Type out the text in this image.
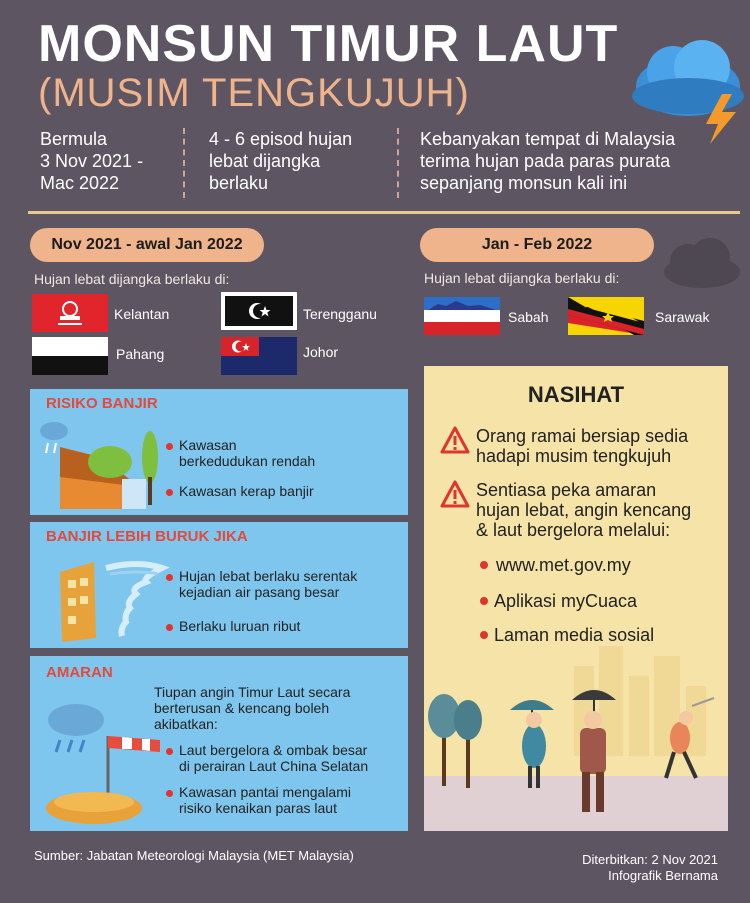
MONSUN TIMUR LAUT
(MUSIM TENGKUJUH)
Bermula
3 Nov 2021 -
Mac 2022
4 - 6 episod hujan
lebat dijangka
berlaku
Kebanyakan tempat di Malaysia
terima hujan pada paras purata
sepanjang monsun kali ini
Nov 2021 - awal Jan 2022
Hujan lebat dijangka berlaku di:
Kelantan	Terengganu
Pahang	Johor
Jan - Feb 2022
Hujan lebat dijangka berlaku di:
Sabah	Sarawak
RISIKO BANJIR
Kawasan
berkedudukan rendah
Kawasan kerap banjir
BANJIR LEBIH BURUK JIKA
Hujan lebat berlaku serentak
kejadian air pasang besar
Berlaku luruan ribut
AMARAN
Tiupan angin Timur Laut secara
berterusan & kencang boleh
akibatkan:
Laut bergelora & ombak besar
di perairan Laut China Selatan
Kawasan pantai mengalami
risiko kenaikan paras laut
NASIHAT
Orang ramai bersiap sedia
hadapi musim tengkujuh
Sentiasa peka amaran
hujan lebat, angin kencang
& laut bergelora melalui:
www.met.gov.my
Aplikasi myCuaca
Laman media sosial
Sumber: Jabatan Meteorologi Malaysia (MET Malaysia)	Diterbitkan: 2 Nov 2021
Infografik Bernama
